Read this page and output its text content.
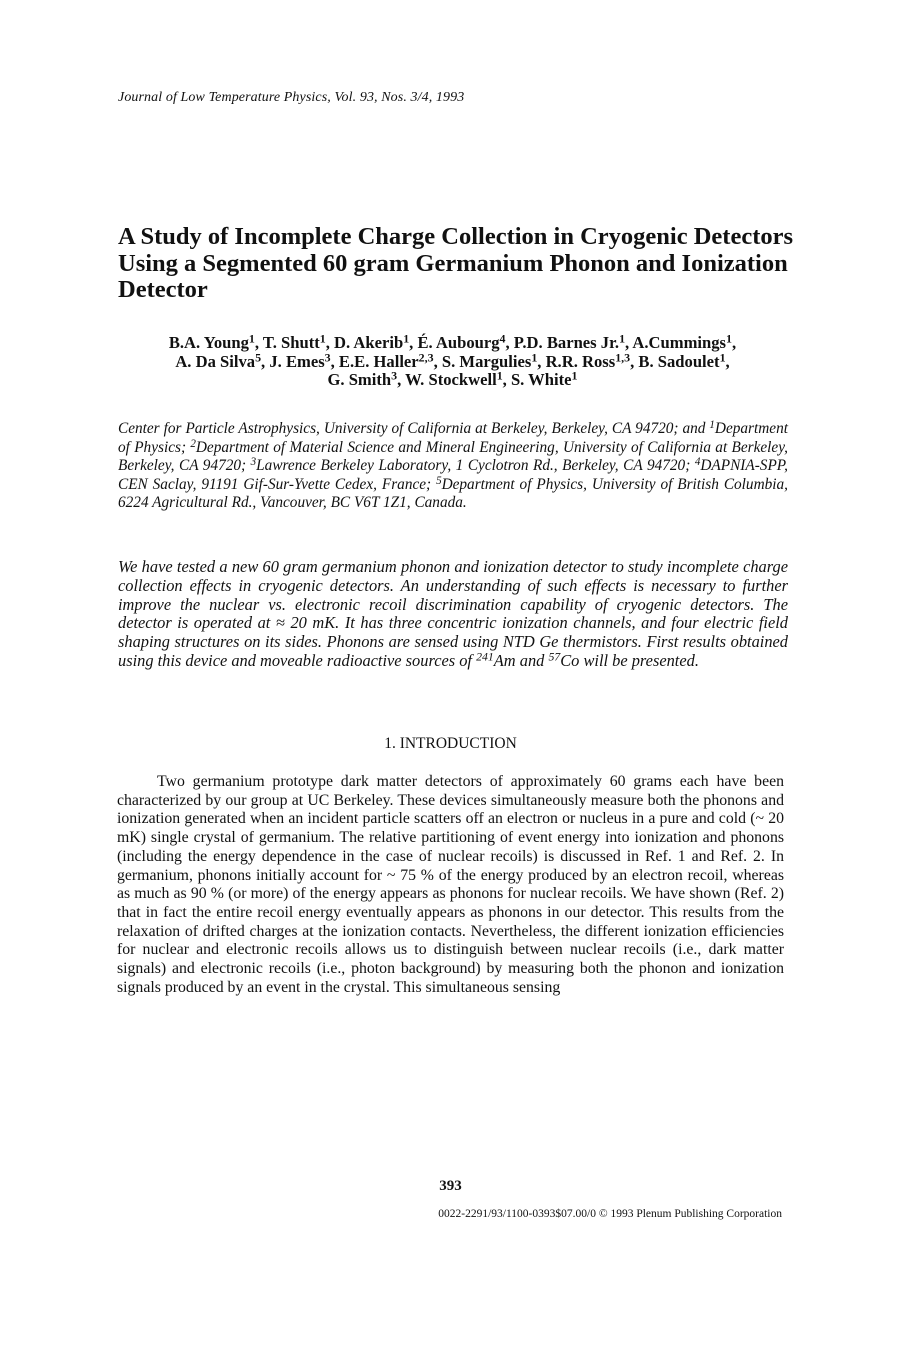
Journal of Low Temperature Physics, Vol. 93, Nos. 3/4, 1993
A Study of Incomplete Charge Collection in Cryogenic Detectors Using a Segmented 60 gram Germanium Phonon and Ionization Detector
B.A. Young$^1$, T. Shutt$^1$, D. Akerib$^1$, É. Aubourg$^4$, P.D. Barnes Jr.$^1$, A.Cummings$^1$,
A. Da Silva$^5$, J. Emes$^3$, E.E. Haller$^{2,3}$, S. Margulies$^1$, R.R. Ross$^{1,3}$, B. Sadoulet$^1$,
G. Smith$^3$, W. Stockwell$^1$, S. White$^1$
Center for Particle Astrophysics, University of California at Berkeley, Berkeley, CA 94720; and $^1$Department of Physics; $^2$Department of Material Science and Mineral Engineering, University of California at Berkeley, Berkeley, CA 94720; $^3$Lawrence Berkeley Laboratory, 1 Cyclotron Rd., Berkeley, CA 94720; $^4$DAPNIA-SPP, CEN Saclay, 91191 Gif-Sur-Yvette Cedex, France; $^5$Department of Physics, University of British Columbia, 6224 Agricultural Rd., Vancouver, BC V6T 1Z1, Canada.
We have tested a new 60 gram germanium phonon and ionization detector to study incomplete charge collection effects in cryogenic detectors. An understanding of such effects is necessary to further improve the nuclear vs. electronic recoil discrimination capability of cryogenic detectors. The detector is operated at ≈ 20 mK. It has three concentric ionization channels, and four electric field shaping structures on its sides. Phonons are sensed using NTD Ge thermistors. First results obtained using this device and moveable radioactive sources of $^{241}$Am and $^{57}$Co will be presented.
1. INTRODUCTION
Two germanium prototype dark matter detectors of approximately 60 grams each have been characterized by our group at UC Berkeley. These devices simultaneously measure both the phonons and ionization generated when an incident particle scatters off an electron or nucleus in a pure and cold (~ 20 mK) single crystal of germanium. The relative partitioning of event energy into ionization and phonons (including the energy dependence in the case of nuclear recoils) is discussed in Ref. 1 and Ref. 2. In germanium, phonons initially account for ~ 75 % of the energy produced by an electron recoil, whereas as much as 90 % (or more) of the energy appears as phonons for nuclear recoils. We have shown (Ref. 2) that in fact the entire recoil energy eventually appears as phonons in our detector. This results from the relaxation of drifted charges at the ionization contacts. Nevertheless, the different ionization efficiencies for nuclear and electronic recoils allows us to distinguish between nuclear recoils (i.e., dark matter signals) and electronic recoils (i.e., photon background) by measuring both the phonon and ionization signals produced by an event in the crystal. This simultaneous sensing
393
0022-2291/93/1100-0393$07.00/0 © 1993 Plenum Publishing Corporation
